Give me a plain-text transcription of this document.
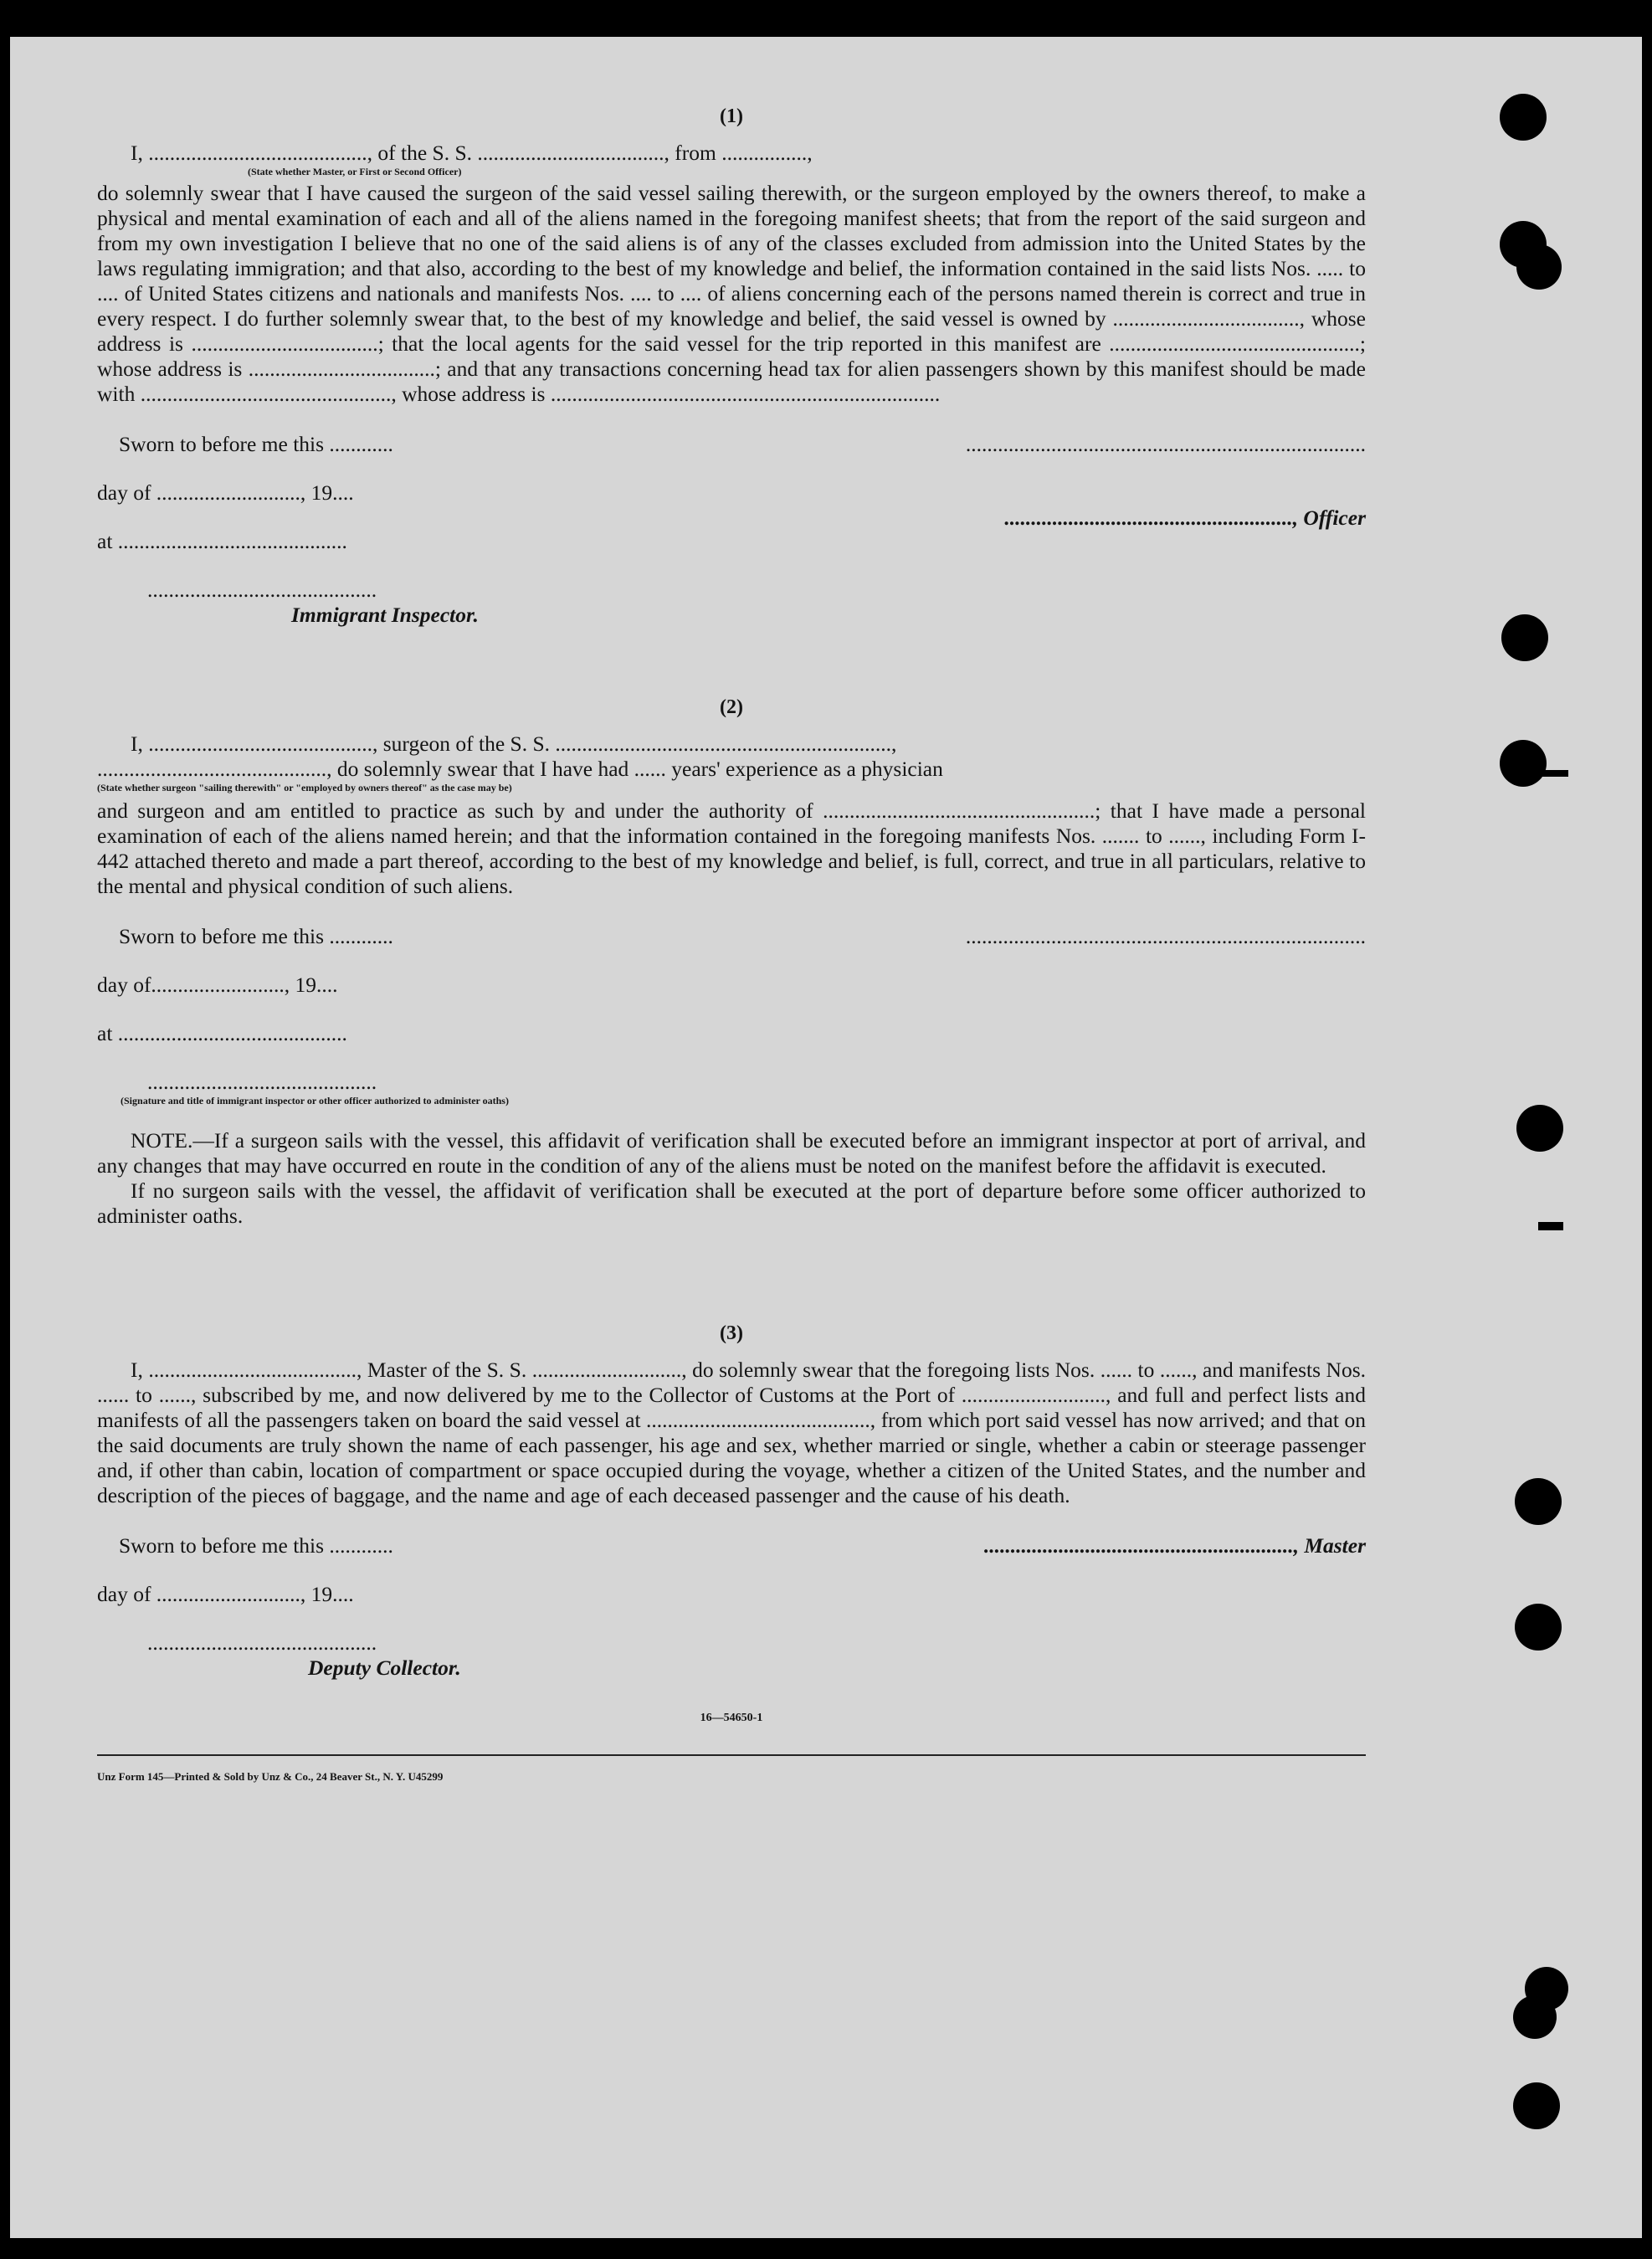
(1)

I, ........................................., of the S. S. ..................................., from ................,

(State whether Master, or First or Second Officer)

do solemnly swear that I have caused the surgeon of the said vessel sailing therewith, or the surgeon employed by the owners thereof, to make a physical and mental examination of each and all of the aliens named in the foregoing manifest sheets; that from the report of the said surgeon and from my own investigation I believe that no one of the said aliens is of any of the classes excluded from admission into the United States by the laws regulating immigration; and that also, according to the best of my knowledge and belief, the information contained in the said lists Nos. ..... to .... of United States citizens and nationals and manifests Nos. .... to .... of aliens concerning each of the persons named therein is correct and true in every respect. I do further solemnly swear that, to the best of my knowledge and belief, the said vessel is owned by ..................................., whose address is ...................................; that the local agents for the said vessel for the trip reported in this manifest are ...............................................; whose address is ...................................; and that any transactions concerning head tax for alien passengers shown by this manifest should be made with ..............................................., whose address is .........................................................................

Sworn to before me this ............
day of ..........................., 19....
at ...........................................
...........................................
Immigrant Inspector.
...........................................................................
......................................................, Officer
(2)

I, .........................................., surgeon of the S. S. ...............................................................,

..........................................., do solemnly swear that I have had ...... years' experience as a physician

(State whether surgeon "sailing therewith" or "employed by owners thereof" as the case may be)

and surgeon and am entitled to practice as such by and under the authority of ...................................................; that I have made a personal examination of each of the aliens named herein; and that the information contained in the foregoing manifests Nos. ....... to ......, including Form I-442 attached thereto and made a part thereof, according to the best of my knowledge and belief, is full, correct, and true in all particulars, relative to the mental and physical condition of such aliens.

Sworn to before me this ............
day of........................., 19....
at ...........................................
...........................................
(Signature and title of immigrant inspector or other officer authorized to administer oaths)
...........................................................................

NOTE.—If a surgeon sails with the vessel, this affidavit of verification shall be executed before an immigrant inspector at port of arrival, and any changes that may have occurred en route in the condition of any of the aliens must be noted on the manifest before the affidavit is executed.

If no surgeon sails with the vessel, the affidavit of verification shall be executed at the port of departure before some officer authorized to administer oaths.

(3)

I, ......................................., Master of the S. S. ............................, do solemnly swear that the foregoing lists Nos. ...... to ......, and manifests Nos. ...... to ......, subscribed by me, and now delivered by me to the Collector of Customs at the Port of ..........................., and full and perfect lists and manifests of all the passengers taken on board the said vessel at .........................................., from which port said vessel has now arrived; and that on the said documents are truly shown the name of each passenger, his age and sex, whether married or single, whether a cabin or steerage passenger and, if other than cabin, location of compartment or space occupied during the voyage, whether a citizen of the United States, and the number and description of the pieces of baggage, and the name and age of each deceased passenger and the cause of his death.

Sworn to before me this ............
day of ..........................., 19....
...........................................
Deputy Collector.
.........................................................., Master
16—54650-1
Unz Form 145—Printed & Sold by Unz & Co., 24 Beaver St., N. Y. U45299
